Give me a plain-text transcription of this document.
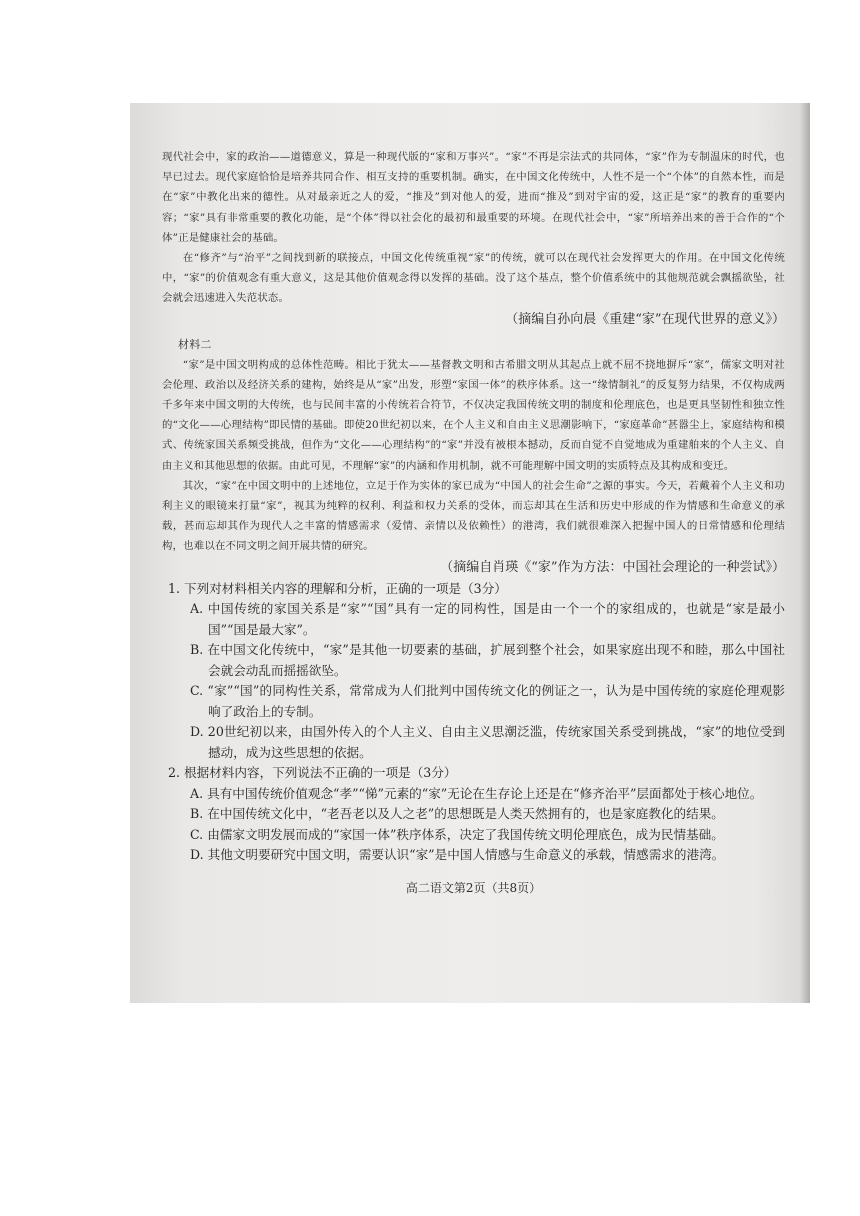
现代社会中，家的政治——道德意义，算是一种现代版的“家和万事兴”。“家”不再是宗法式的共同体，“家”作为专制温床的时代，也早已过去。现代家庭恰恰是培养共同合作、相互支持的重要机制。确实，在中国文化传统中，人性不是一个“个体”的自然本性，而是在“家”中教化出来的德性。从对最亲近之人的爱，“推及”到对他人的爱，进而“推及”到对宇宙的爱，这正是“家”的教育的重要内容；“家”具有非常重要的教化功能，是“个体”得以社会化的最初和最重要的环境。在现代社会中，“家”所培养出来的善于合作的“个体”正是健康社会的基础。

在“修齐”与“治平”之间找到新的联接点，中国文化传统重视“家”的传统，就可以在现代社会发挥更大的作用。在中国文化传统中，“家”的价值观念有重大意义，这是其他价值观念得以发挥的基础。没了这个基点，整个价值系统中的其他规范就会飘摇欲坠，社会就会迅速进入失范状态。

（摘编自孙向晨《重建“家”在现代世界的意义》）

材料二

“家”是中国文明构成的总体性范畴。相比于犹太——基督教文明和古希腊文明从其起点上就不屈不挠地摒斥“家”，儒家文明对社会伦理、政治以及经济关系的建构，始终是从“家”出发，形塑“家国一体”的秩序体系。这一“缘情制礼”的反复努力结果，不仅构成两千多年来中国文明的大传统，也与民间丰富的小传统若合符节，不仅决定我国传统文明的制度和伦理底色，也是更具坚韧性和独立性的“文化——心理结构”即民情的基础。即使20世纪初以来，在个人主义和自由主义思潮影响下，“家庭革命”甚嚣尘上，家庭结构和模式、传统家国关系频受挑战，但作为“文化——心理结构”的“家”并没有被根本撼动，反而自觉不自觉地成为重建舶来的个人主义、自由主义和其他思想的依据。由此可见，不理解“家”的内涵和作用机制，就不可能理解中国文明的实质特点及其构成和变迁。

其次，“家”在中国文明中的上述地位，立足于作为实体的家已成为“中国人的社会生命”之源的事实。今天，若戴着个人主义和功利主义的眼镜来打量“家”，视其为纯粹的权利、利益和权力关系的受体，而忘却其在生活和历史中形成的作为情感和生命意义的承载，甚而忘却其作为现代人之丰富的情感需求（爱情、亲情以及依赖性）的港湾，我们就很难深入把握中国人的日常情感和伦理结构，也难以在不同文明之间开展共情的研究。

（摘编自肖瑛《“家”作为方法：中国社会理论的一种尝试》）

1. 下列对材料相关内容的理解和分析，正确的一项是（3分）

A. 中国传统的家国关系是“家”“国”具有一定的同构性，国是由一个一个的家组成的，也就是“家是最小国”“国是最大家”。

B. 在中国文化传统中，“家”是其他一切要素的基础，扩展到整个社会，如果家庭出现不和睦，那么中国社会就会动乱而摇摇欲坠。

C. “家”“国”的同构性关系，常常成为人们批判中国传统文化的例证之一，认为是中国传统的家庭伦理观影响了政治上的专制。

D. 20世纪初以来，由国外传入的个人主义、自由主义思潮泛滥，传统家国关系受到挑战，“家”的地位受到撼动，成为这些思想的依据。

2. 根据材料内容，下列说法不正确的一项是（3分）

A. 具有中国传统价值观念“孝”“悌”元素的“家”无论在生存论上还是在“修齐治平”层面都处于核心地位。

B. 在中国传统文化中，“老吾老以及人之老”的思想既是人类天然拥有的，也是家庭教化的结果。

C. 由儒家文明发展而成的“家国一体”秩序体系，决定了我国传统文明伦理底色，成为民情基础。

D. 其他文明要研究中国文明，需要认识“家”是中国人情感与生命意义的承载，情感需求的港湾。

高二语文第2页（共8页）
